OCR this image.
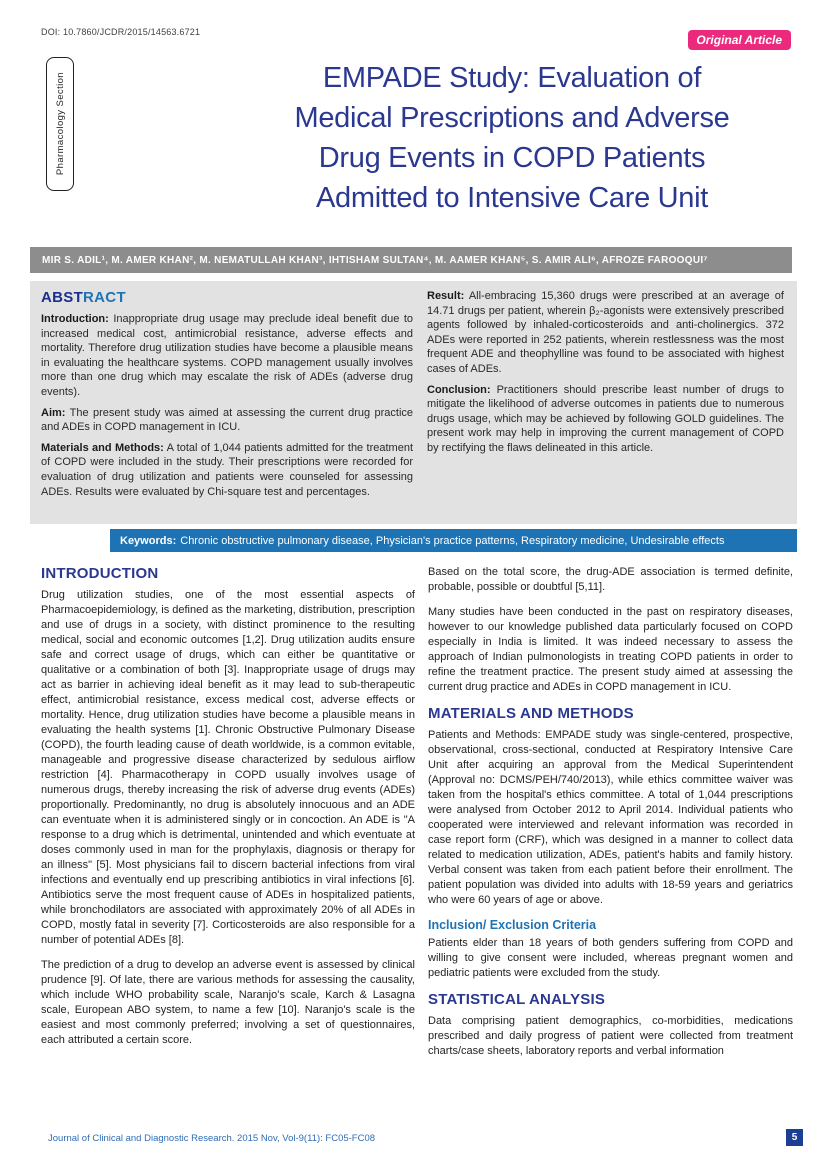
DOI: 10.7860/JCDR/2015/14563.6721
Original Article
Pharmacology Section	EMPADE Study: Evaluation of
Medical Prescriptions and Adverse
Drug Events in COPD Patients
Admitted to Intensive Care Unit
MIR S. ADIL¹, M. AMER KHAN², M. NEMATULLAH KHAN³, IHTISHAM SULTAN⁴, M. AAMER KHAN⁵, S. AMIR ALI⁶, AFROZE FAROOQUI⁷
ABSTRACT

Introduction: Inappropriate drug usage may preclude ideal benefit due to increased medical cost, antimicrobial resistance, adverse effects and mortality. Therefore drug utilization studies have become a plausible means in evaluating the healthcare systems. COPD management usually involves more than one drug which may escalate the risk of ADEs (adverse drug events).

Aim: The present study was aimed at assessing the current drug practice and ADEs in COPD management in ICU.

Materials and Methods: A total of 1,044 patients admitted for the treatment of COPD were included in the study. Their prescriptions were recorded for evaluation of drug utilization and patients were counseled for assessing ADEs. Results were evaluated by Chi-square test and percentages.

Result: All-embracing 15,360 drugs were prescribed at an average of 14.71 drugs per patient, wherein β₂-agonists were extensively prescribed agents followed by inhaled-corticosteroids and anti-cholinergics. 372 ADEs were reported in 252 patients, wherein restlessness was the most frequent ADE and theophylline was found to be associated with highest cases of ADEs.

Conclusion: Practitioners should prescribe least number of drugs to mitigate the likelihood of adverse outcomes in patients due to numerous drugs usage, which may be achieved by following GOLD guidelines. The present work may help in improving the current management of COPD by rectifying the flaws delineated in this article.

Keywords: Chronic obstructive pulmonary disease, Physician's practice patterns, Respiratory medicine, Undesirable effects
INTRODUCTION

Drug utilization studies, one of the most essential aspects of Pharmacoepidemiology, is defined as the marketing, distribution, prescription and use of drugs in a society, with distinct prominence to the resulting medical, social and economic outcomes [1,2]. Drug utilization audits ensure safe and correct usage of drugs, which can either be quantitative or qualitative or a combination of both [3]. Inappropriate usage of drugs may act as barrier in achieving ideal benefit as it may lead to sub-therapeutic effect, antimicrobial resistance, excess medical cost, adverse effects or mortality. Hence, drug utilization studies have become a plausible means in evaluating the health systems [1]. Chronic Obstructive Pulmonary Disease (COPD), the fourth leading cause of death worldwide, is a common evitable, manageable and progressive disease characterized by sedulous airflow restriction [4]. Pharmacotherapy in COPD usually involves usage of numerous drugs, thereby increasing the risk of adverse drug events (ADEs) proportionally. Predominantly, no drug is absolutely innocuous and an ADE can eventuate when it is administered singly or in concoction. An ADE is "A response to a drug which is detrimental, unintended and which eventuate at doses commonly used in man for the prophylaxis, diagnosis or therapy for an illness" [5]. Most physicians fail to discern bacterial infections from viral infections and eventually end up prescribing antibiotics in viral infections [6]. Antibiotics serve the most frequent cause of ADEs in hospitalized patients, while bronchodilators are associated with approximately 20% of all ADEs in COPD, mostly fatal in severity [7]. Corticosteroids are also responsible for a number of potential ADEs [8].

The prediction of a drug to develop an adverse event is assessed by clinical prudence [9]. Of late, there are various methods for assessing the causality, which include WHO probability scale, Naranjo's scale, Karch & Lasagna scale, European ABO system, to name a few [10]. Naranjo's scale is the easiest and most commonly preferred; involving a set of questionnaires, each attributed a certain score.

Based on the total score, the drug-ADE association is termed definite, probable, possible or doubtful [5,11].

Many studies have been conducted in the past on respiratory diseases, however to our knowledge published data particularly focused on COPD especially in India is limited. It was indeed necessary to assess the approach of Indian pulmonologists in treating COPD patients in order to refine the treatment practice. The present study aimed at assessing the current drug practice and ADEs in COPD management in ICU.

MATERIALS AND METHODS

Patients and Methods: EMPADE study was single-centered, prospective, observational, cross-sectional, conducted at Respiratory Intensive Care Unit after acquiring an approval from the Medical Superintendent (Approval no: DCMS/PEH/740/2013), while ethics committee waiver was taken from the hospital's ethics committee. A total of 1,044 prescriptions were analysed from October 2012 to April 2014. Individual patients who cooperated were interviewed and relevant information was recorded in case report form (CRF), which was designed in a manner to collect data related to medication utilization, ADEs, patient's habits and family history. Verbal consent was taken from each patient before their enrollment. The patient population was divided into adults with 18-59 years and geriatrics who were 60 years of age or above.

Inclusion/ Exclusion Criteria

Patients elder than 18 years of both genders suffering from COPD and willing to give consent were included, whereas pregnant women and pediatric patients were excluded from the study.

STATISTICAL ANALYSIS

Data comprising patient demographics, co-morbidities, medications prescribed and daily progress of patient were collected from treatment charts/case sheets, laboratory reports and verbal information

Journal of Clinical and Diagnostic Research. 2015 Nov, Vol-9(11): FC05-FC08	5
